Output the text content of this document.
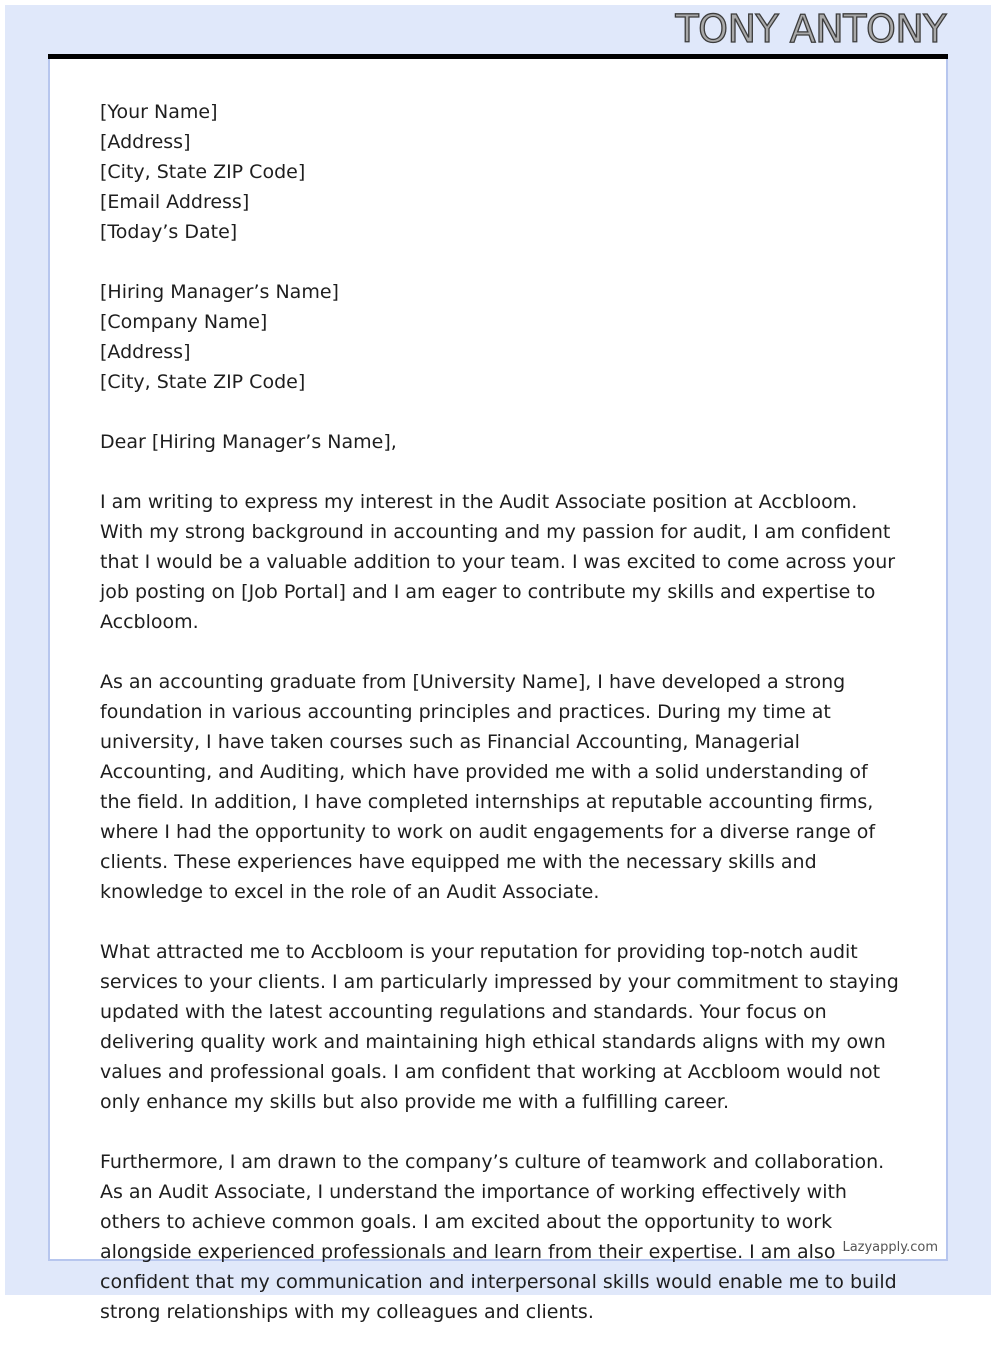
TONY ANTONY
[Your Name]
[Address]
[City, State ZIP Code]
[Email Address]
[Today’s Date]
[Hiring Manager’s Name]
[Company Name]
[Address]
[City, State ZIP Code]
Dear [Hiring Manager’s Name],

I am writing to express my interest in the Audit Associate position at Accbloom. With my strong background in accounting and my passion for audit, I am confident that I would be a valuable addition to your team. I was excited to come across your job posting on [Job Portal] and I am eager to contribute my skills and expertise to Accbloom.

As an accounting graduate from [University Name], I have developed a strong foundation in various accounting principles and practices. During my time at university, I have taken courses such as Financial Accounting, Managerial Accounting, and Auditing, which have provided me with a solid understanding of the field. In addition, I have completed internships at reputable accounting firms, where I had the opportunity to work on audit engagements for a diverse range of clients. These experiences have equipped me with the necessary skills and knowledge to excel in the role of an Audit Associate.

What attracted me to Accbloom is your reputation for providing top-notch audit services to your clients. I am particularly impressed by your commitment to staying updated with the latest accounting regulations and standards. Your focus on delivering quality work and maintaining high ethical standards aligns with my own values and professional goals. I am confident that working at Accbloom would not only enhance my skills but also provide me with a fulfilling career.

Furthermore, I am drawn to the company’s culture of teamwork and collaboration. As an Audit Associate, I understand the importance of working effectively with others to achieve common goals. I am excited about the opportunity to work alongside experienced professionals and learn from their expertise. I am also confident that my communication and interpersonal skills would enable me to build strong relationships with my colleagues and clients.

Lazyapply.com
